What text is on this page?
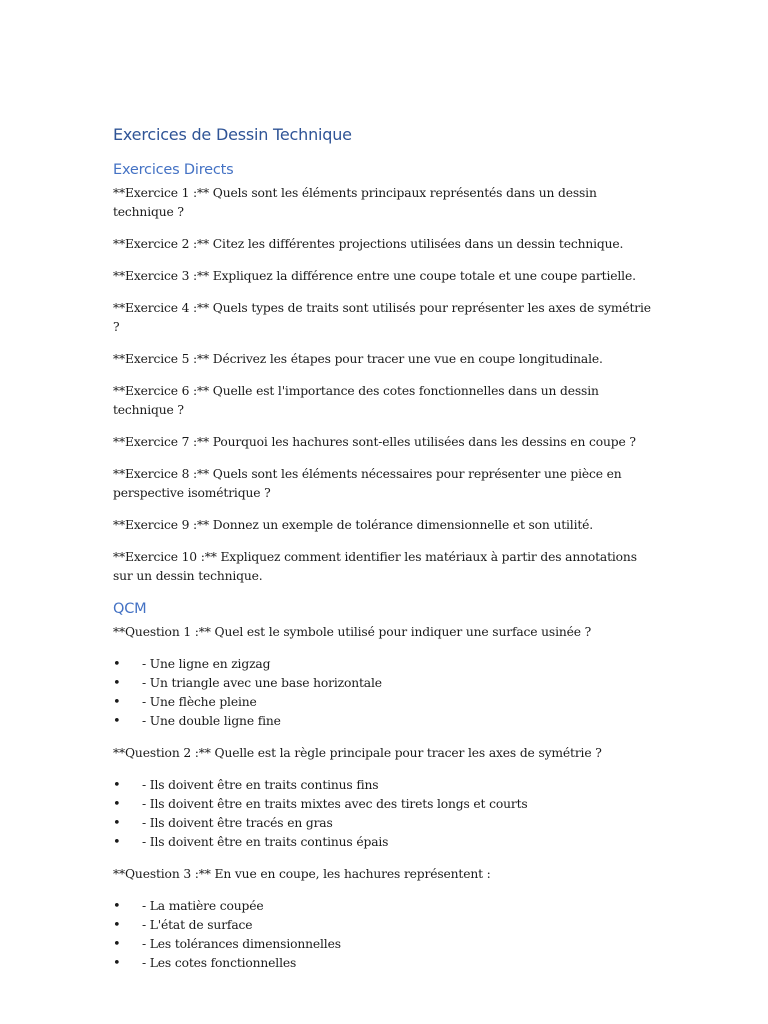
Exercices de Dessin Technique
Exercices Directs
**Exercice 1 :** Quels sont les éléments principaux représentés dans un dessin technique ?
**Exercice 2 :** Citez les différentes projections utilisées dans un dessin technique.
**Exercice 3 :** Expliquez la différence entre une coupe totale et une coupe partielle.
**Exercice 4 :** Quels types de traits sont utilisés pour représenter les axes de symétrie ?
**Exercice 5 :** Décrivez les étapes pour tracer une vue en coupe longitudinale.
**Exercice 6 :** Quelle est l'importance des cotes fonctionnelles dans un dessin technique ?
**Exercice 7 :** Pourquoi les hachures sont-elles utilisées dans les dessins en coupe ?
**Exercice 8 :** Quels sont les éléments nécessaires pour représenter une pièce en perspective isométrique ?
**Exercice 9 :** Donnez un exemple de tolérance dimensionnelle et son utilité.
**Exercice 10 :** Expliquez comment identifier les matériaux à partir des annotations sur un dessin technique.
QCM
**Question 1 :** Quel est le symbole utilisé pour indiquer une surface usinée ?
• - Une ligne en zigzag
• - Un triangle avec une base horizontale
• - Une flèche pleine
• - Une double ligne fine
**Question 2 :** Quelle est la règle principale pour tracer les axes de symétrie ?
• - Ils doivent être en traits continus fins
• - Ils doivent être en traits mixtes avec des tirets longs et courts
• - Ils doivent être tracés en gras
• - Ils doivent être en traits continus épais
**Question 3 :** En vue en coupe, les hachures représentent :
• - La matière coupée
• - L'état de surface
• - Les tolérances dimensionnelles
• - Les cotes fonctionnelles
